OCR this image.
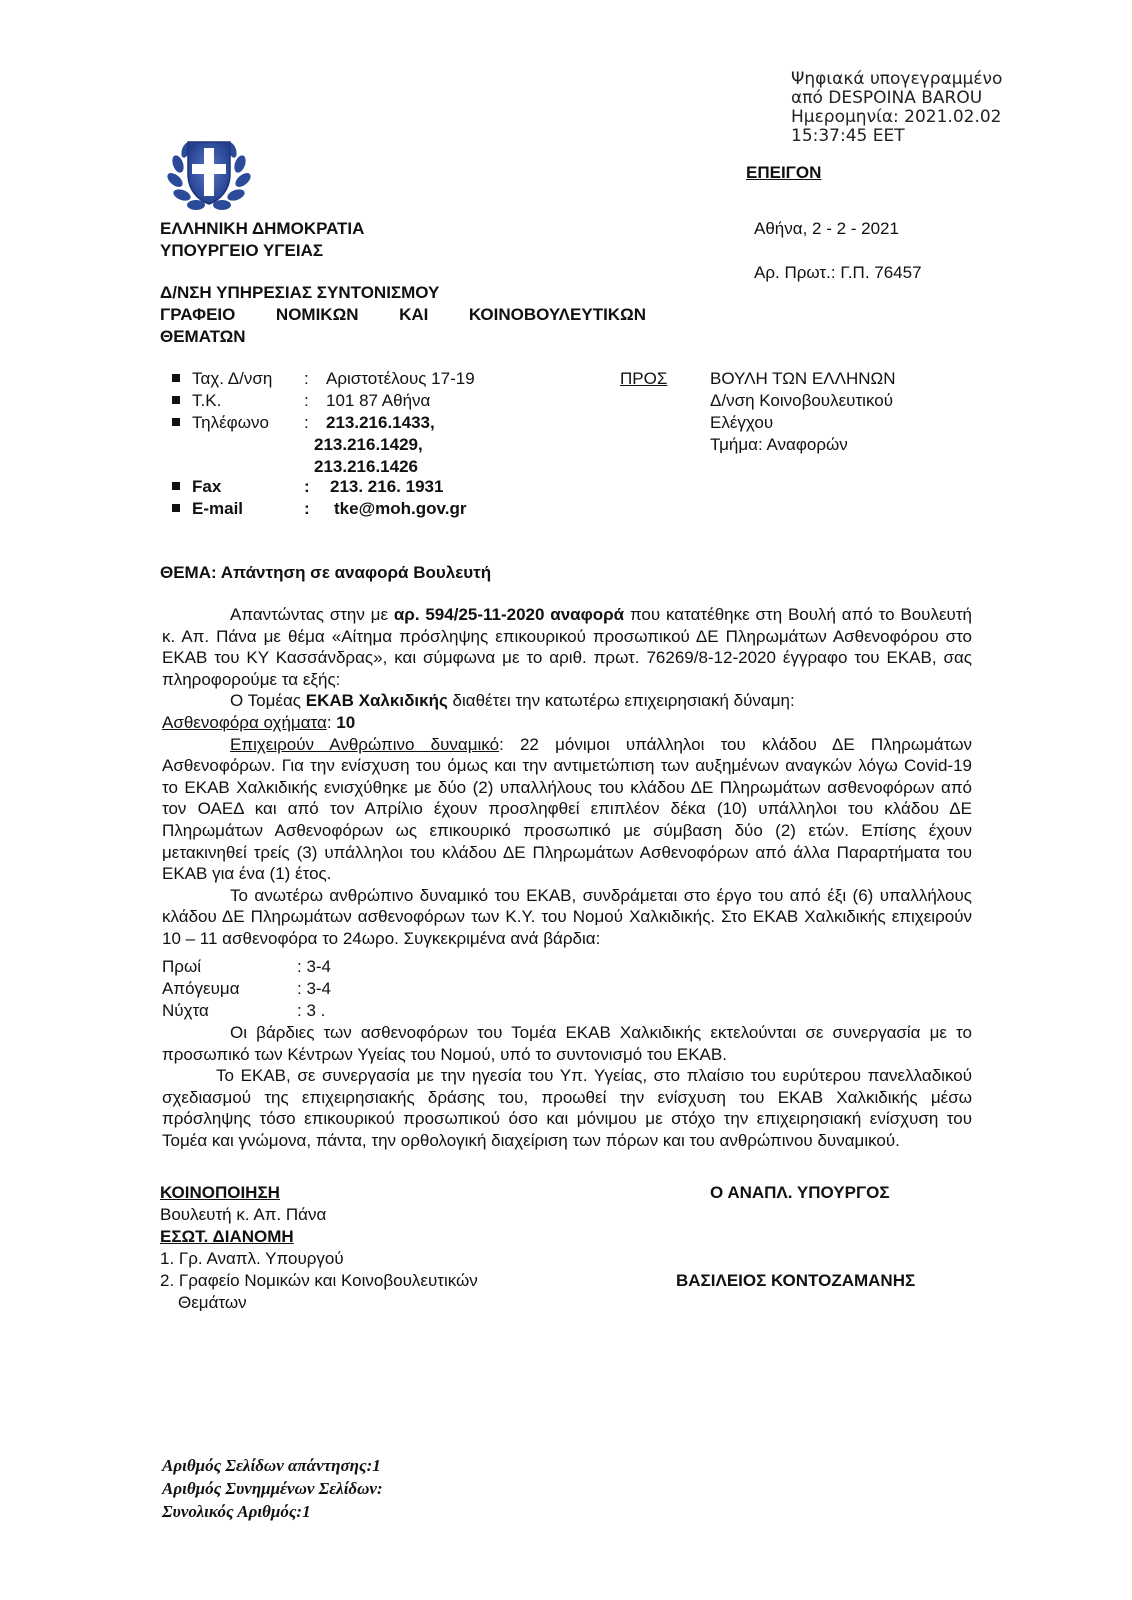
Ψηφιακά υπογεγραμμένο
από DESPOINA BAROU
Ημερομηνία: 2021.02.02
15:37:45 EET
ΕΠΕΙΓΟΝ
ΕΛΛΗΝΙΚΗ ΔΗΜΟΚΡΑΤΙΑ
ΥΠΟΥΡΓΕΙΟ ΥΓΕΙΑΣ
Δ/ΝΣΗ ΥΠΗΡΕΣΙΑΣ ΣΥΝΤΟΝΙΣΜΟΥ
ΓΡΑΦΕΙΟ ΝΟΜΙΚΩΝ ΚΑΙ ΚΟΙΝΟΒΟΥΛΕΥΤΙΚΩΝ
ΘΕΜΑΤΩΝ
Αθήνα, 2 - 2 - 2021
Αρ. Πρωτ.: Γ.Π. 76457
Ταχ. Δ/νση : Αριστοτέλους 17-19
Τ.Κ.	: 101 87 Αθήνα
Τηλέφωνο : 213.216.1433,
213.216.1429,
213.216.1426
Fax	: 213. 216. 1931
E-mail	: tke@moh.gov.gr
ΠΡΟΣ	ΒΟΥΛΗ ΤΩΝ ΕΛΛΗΝΩΝ
Δ/νση Κοινοβουλευτικού
Ελέγχου
Τμήμα: Αναφορών
ΘΕΜΑ: Απάντηση σε αναφορά Βουλευτή

Απαντώντας στην με αρ. 594/25-11-2020 αναφορά που κατατέθηκε στη Βουλή από το Βουλευτή κ. Απ. Πάνα με θέμα «Αίτημα πρόσληψης επικουρικού προσωπικού ΔΕ Πληρωμάτων Ασθενοφόρου στο ΕΚΑΒ του ΚΥ Κασσάνδρας», και σύμφωνα με το αριθ. πρωτ. 76269/8-12-2020 έγγραφο του ΕΚΑΒ, σας πληροφορούμε τα εξής:

Ο Τομέας ΕΚΑΒ Χαλκιδικής διαθέτει την κατωτέρω επιχειρησιακή δύναμη:

Ασθενοφόρα οχήματα: 10

Επιχειρούν Ανθρώπινο δυναμικό: 22 μόνιμοι υπάλληλοι του κλάδου ΔΕ Πληρωμάτων Ασθενοφόρων. Για την ενίσχυση του όμως και την αντιμετώπιση των αυξημένων αναγκών λόγω Covid-19 το ΕΚΑΒ Χαλκιδικής ενισχύθηκε με δύο (2) υπαλλήλους του κλάδου ΔΕ Πληρωμάτων ασθενοφόρων από τον ΟΑΕΔ και από τον Απρίλιο έχουν προσληφθεί επιπλέον δέκα (10) υπάλληλοι του κλάδου ΔΕ Πληρωμάτων Ασθενοφόρων ως επικουρικό προσωπικό με σύμβαση δύο (2) ετών. Επίσης έχουν μετακινηθεί τρείς (3) υπάλληλοι του κλάδου ΔΕ Πληρωμάτων Ασθενοφόρων από άλλα Παραρτήματα του ΕΚΑΒ για ένα (1) έτος.

Το ανωτέρω ανθρώπινο δυναμικό του ΕΚΑΒ, συνδράμεται στο έργο του από έξι (6) υπαλλήλους κλάδου ΔΕ Πληρωμάτων ασθενοφόρων των Κ.Υ. του Νομού Χαλκιδικής. Στο ΕΚΑΒ Χαλκιδικής επιχειρούν 10 – 11 ασθενοφόρα το 24ωρο. Συγκεκριμένα ανά βάρδια:

Πρωί	: 3-4
Απόγευμα	: 3-4
Νύχτα	: 3 .

Οι βάρδιες των ασθενοφόρων του Τομέα ΕΚΑΒ Χαλκιδικής εκτελούνται σε συνεργασία με το προσωπικό των Κέντρων Υγείας του Νομού, υπό το συντονισμό του ΕΚΑΒ.

Το ΕΚΑΒ, σε συνεργασία με την ηγεσία του Υπ. Υγείας, στο πλαίσιο του ευρύτερου πανελλαδικού σχεδιασμού της επιχειρησιακής δράσης του, προωθεί την ενίσχυση του ΕΚΑΒ Χαλκιδικής μέσω πρόσληψης τόσο επικουρικού προσωπικού όσο και μόνιμου με στόχο την επιχειρησιακή ενίσχυση του Τομέα και γνώμονα, πάντα, την ορθολογική διαχείριση των πόρων και του ανθρώπινου δυναμικού.

ΚΟΙΝΟΠΟΙΗΣΗ
Βουλευτή κ. Απ. Πάνα
ΕΣΩΤ. ΔΙΑΝΟΜΗ
1. Γρ. Αναπλ. Υπουργού
2. Γραφείο Νομικών και Κοινοβουλευτικών
Θεμάτων
Ο ΑΝΑΠΛ. ΥΠΟΥΡΓΟΣ
ΒΑΣΙΛΕΙΟΣ ΚΟΝΤΟΖΑΜΑΝΗΣ
Αριθμός Σελίδων απάντησης:1
Αριθμός Συνημμένων Σελίδων:
Συνολικός Αριθμός:1
